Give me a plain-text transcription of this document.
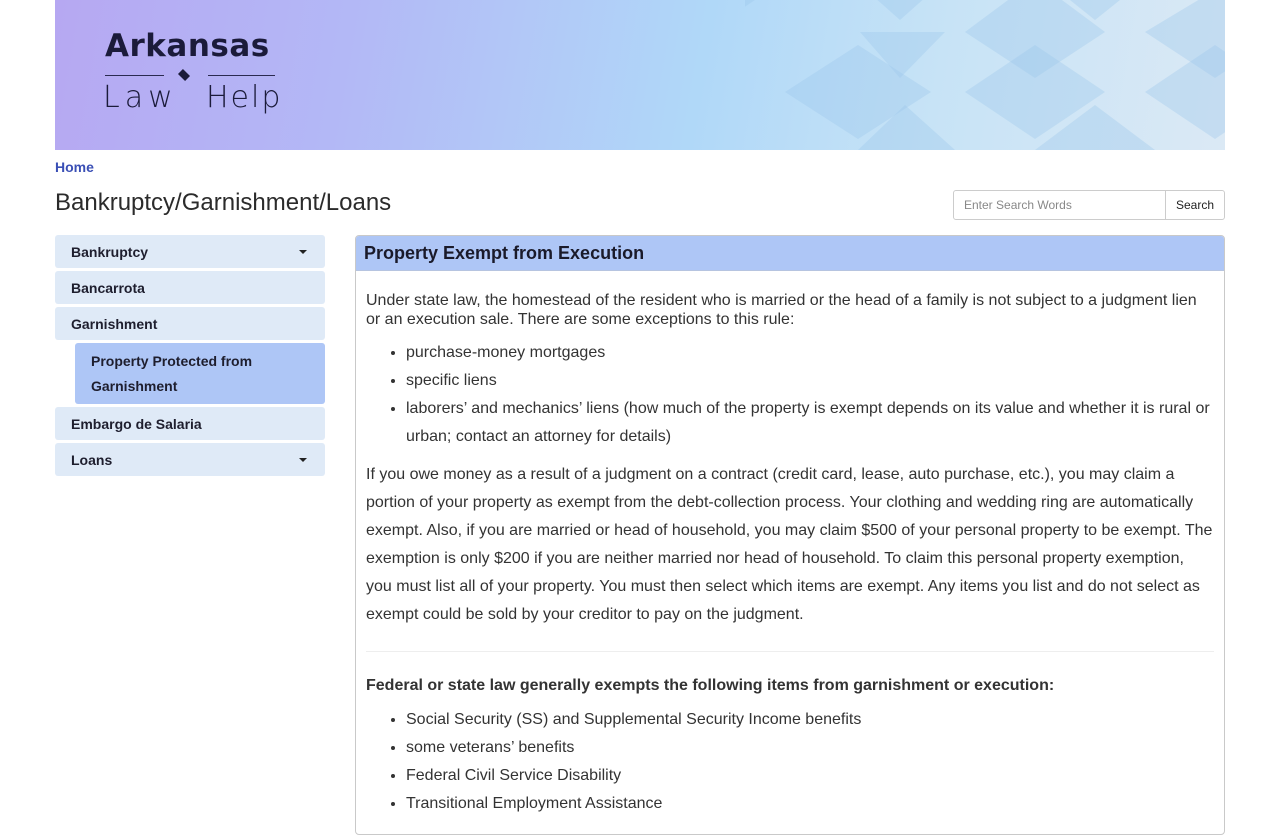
Arkansas
Law Help
Home
Bankruptcy/Garnishment/Loans
Enter Search Words	Search
Bankruptcy
Bancarrota
Garnishment
Property Protected from Garnishment
Embargo de Salaria
Loans
Property Exempt from Execution

Under state law, the homestead of the resident who is married or the head of a family is not subject to a judgment lien or an execution sale. There are some exceptions to this rule:

• purchase-money mortgages
• specific liens
• laborers’ and mechanics’ liens (how much of the property is exempt depends on its value and whether it is rural or urban; contact an attorney for details)

If you owe money as a result of a judgment on a contract (credit card, lease, auto purchase, etc.), you may claim a portion of your property as exempt from the debt-collection process. Your clothing and wedding ring are automatically exempt. Also, if you are married or head of household, you may claim $500 of your personal property to be exempt. The exemption is only $200 if you are neither married nor head of household. To claim this personal property exemption, you must list all of your property. You must then select which items are exempt. Any items you list and do not select as exempt could be sold by your creditor to pay on the judgment.

Federal or state law generally exempts the following items from garnishment or execution:

• Social Security (SS) and Supplemental Security Income benefits
• some veterans’ benefits
• Federal Civil Service Disability
• Transitional Employment Assistance
